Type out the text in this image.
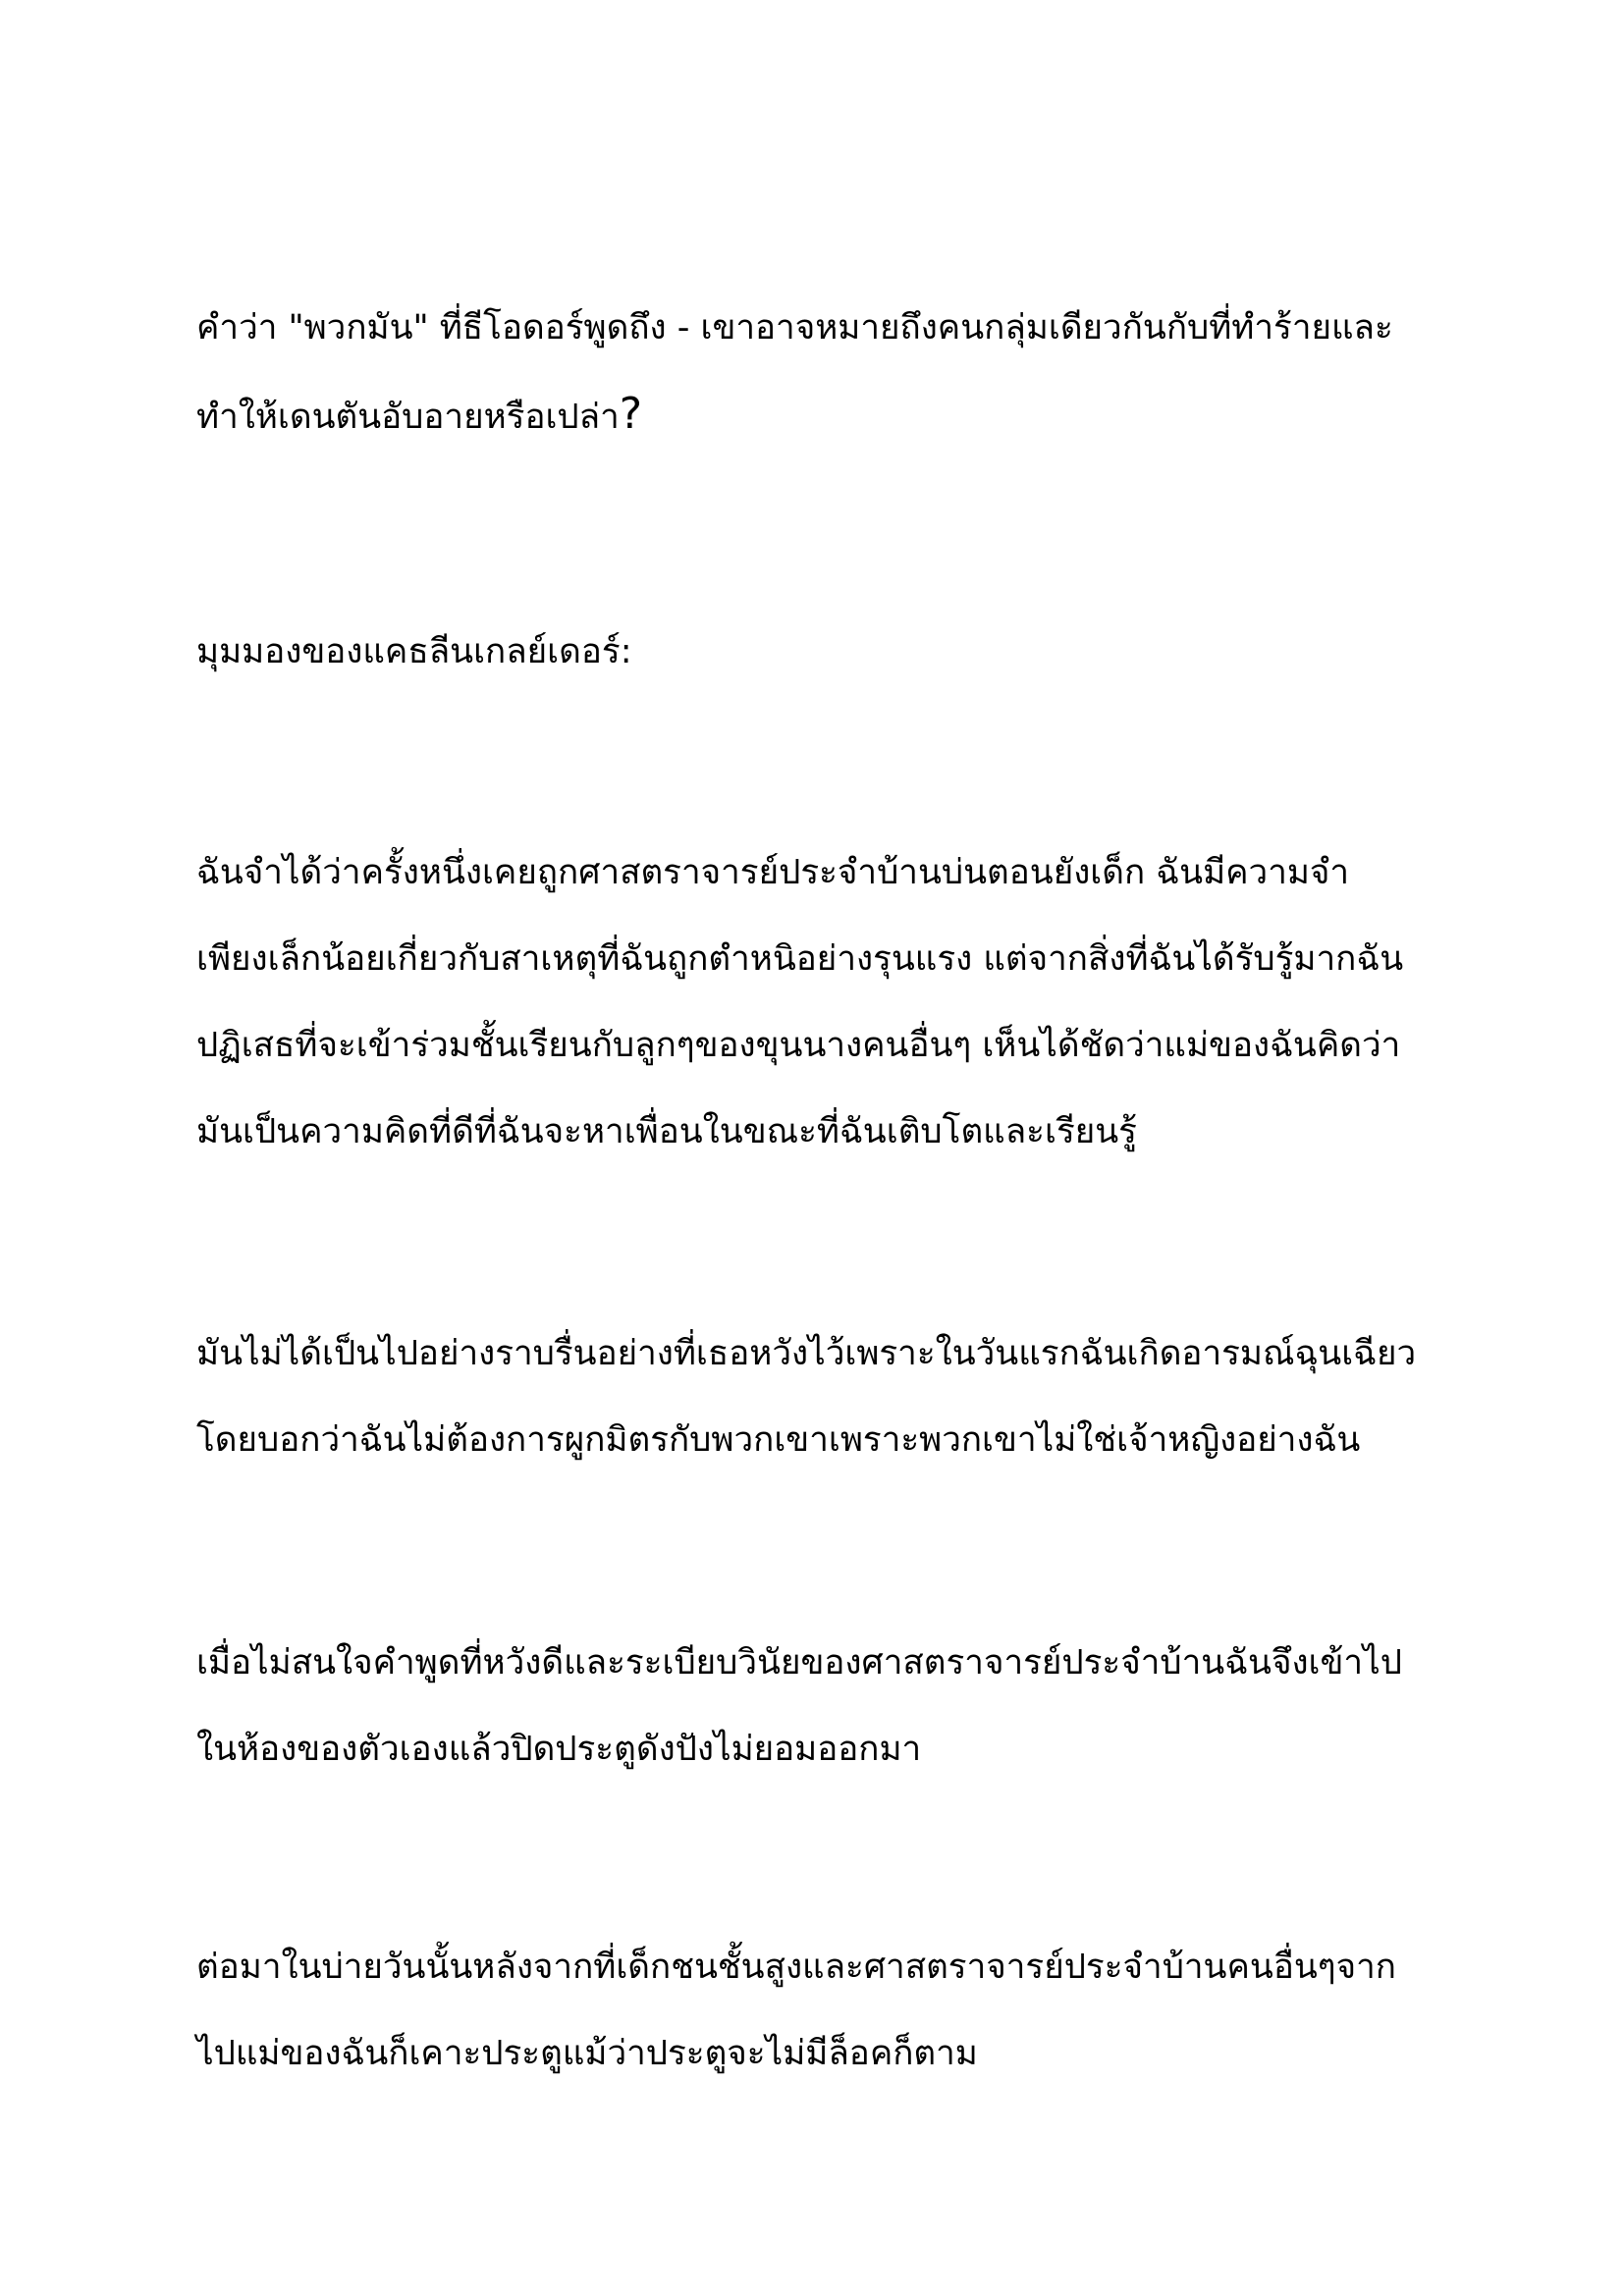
คำว่า "พวกมัน" ที่ธีโอดอร์พูดถึง - เขาอาจหมายถึงคนกลุ่มเดียวกันกับที่ทำร้ายและ
ทำให้เดนตันอับอายหรือเปล่า?

มุมมองของแคธลีนเกลย์เดอร์:

ฉันจำได้ว่าครั้งหนึ่งเคยถูกศาสตราจารย์ประจำบ้านบ่นตอนยังเด็ก ฉันมีความจำ
เพียงเล็กน้อยเกี่ยวกับสาเหตุที่ฉันถูกตำหนิอย่างรุนแรง แต่จากสิ่งที่ฉันได้รับรู้มากฉัน
ปฏิเสธที่จะเข้าร่วมชั้นเรียนกับลูกๆของขุนนางคนอื่นๆ เห็นได้ชัดว่าแม่ของฉันคิดว่า
มันเป็นความคิดที่ดีที่ฉันจะหาเพื่อนในขณะที่ฉันเติบโตและเรียนรู้

มันไม่ได้เป็นไปอย่างราบรื่นอย่างที่เธอหวังไว้เพราะในวันแรกฉันเกิดอารมณ์ฉุนเฉียว
โดยบอกว่าฉันไม่ต้องการผูกมิตรกับพวกเขาเพราะพวกเขาไม่ใช่เจ้าหญิงอย่างฉัน

เมื่อไม่สนใจคำพูดที่หวังดีและระเบียบวินัยของศาสตราจารย์ประจำบ้านฉันจึงเข้าไป
ในห้องของตัวเองแล้วปิดประตูดังปังไม่ยอมออกมา

ต่อมาในบ่ายวันนั้นหลังจากที่เด็กชนชั้นสูงและศาสตราจารย์ประจำบ้านคนอื่นๆจาก
ไปแม่ของฉันก็เคาะประตูแม้ว่าประตูจะไม่มีล็อคก็ตาม
